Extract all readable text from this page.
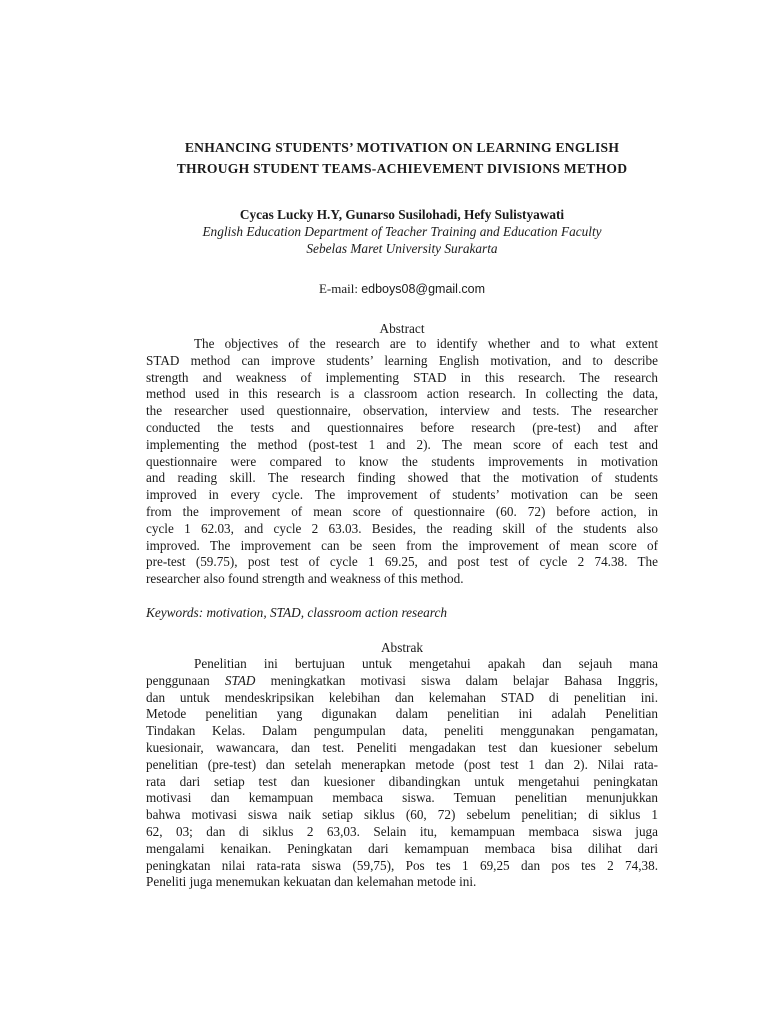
ENHANCING STUDENTS’ MOTIVATION ON LEARNING ENGLISH
THROUGH STUDENT TEAMS-ACHIEVEMENT DIVISIONS METHOD
Cycas Lucky H.Y, Gunarso Susilohadi, Hefy Sulistyawati
English Education Department of Teacher Training and Education Faculty
Sebelas Maret University Surakarta
E-mail: edboys08@gmail.com
Abstract
The objectives of the research are to identify whether and to what extent
STAD method can improve students’ learning English motivation, and to describe
strength and weakness of implementing STAD in this research. The research
method used in this research is a classroom action research. In collecting the data,
the researcher used questionnaire, observation, interview and tests. The researcher
conducted the tests and questionnaires before research (pre-test) and after
implementing the method (post-test 1 and 2). The mean score of each test and
questionnaire were compared to know the students improvements in motivation
and reading skill. The research finding showed that the motivation of students
improved in every cycle. The improvement of students’ motivation can be seen
from the improvement of mean score of questionnaire (60. 72) before action, in
cycle 1 62.03, and cycle 2 63.03. Besides, the reading skill of the students also
improved. The improvement can be seen from the improvement of mean score of
pre-test (59.75), post test of cycle 1 69.25, and post test of cycle 2 74.38. The
researcher also found strength and weakness of this method.
Keywords: motivation, STAD, classroom action research
Abstrak
Penelitian ini bertujuan untuk mengetahui apakah dan sejauh mana
penggunaan STAD meningkatkan motivasi siswa dalam belajar Bahasa Inggris,
dan untuk mendeskripsikan kelebihan dan kelemahan STAD di penelitian ini.
Metode penelitian yang digunakan dalam penelitian ini adalah Penelitian
Tindakan Kelas. Dalam pengumpulan data, peneliti menggunakan pengamatan,
kuesionair, wawancara, dan test. Peneliti mengadakan test dan kuesioner sebelum
penelitian (pre-test) dan setelah menerapkan metode (post test 1 dan 2). Nilai rata-
rata dari setiap test dan kuesioner dibandingkan untuk mengetahui peningkatan
motivasi dan kemampuan membaca siswa. Temuan penelitian menunjukkan
bahwa motivasi siswa naik setiap siklus (60, 72) sebelum penelitian; di siklus 1
62, 03; dan di siklus 2 63,03. Selain itu, kemampuan membaca siswa juga
mengalami kenaikan. Peningkatan dari kemampuan membaca bisa dilihat dari
peningkatan nilai rata-rata siswa (59,75), Pos tes 1 69,25 dan pos tes 2 74,38.
Peneliti juga menemukan kekuatan dan kelemahan metode ini.
